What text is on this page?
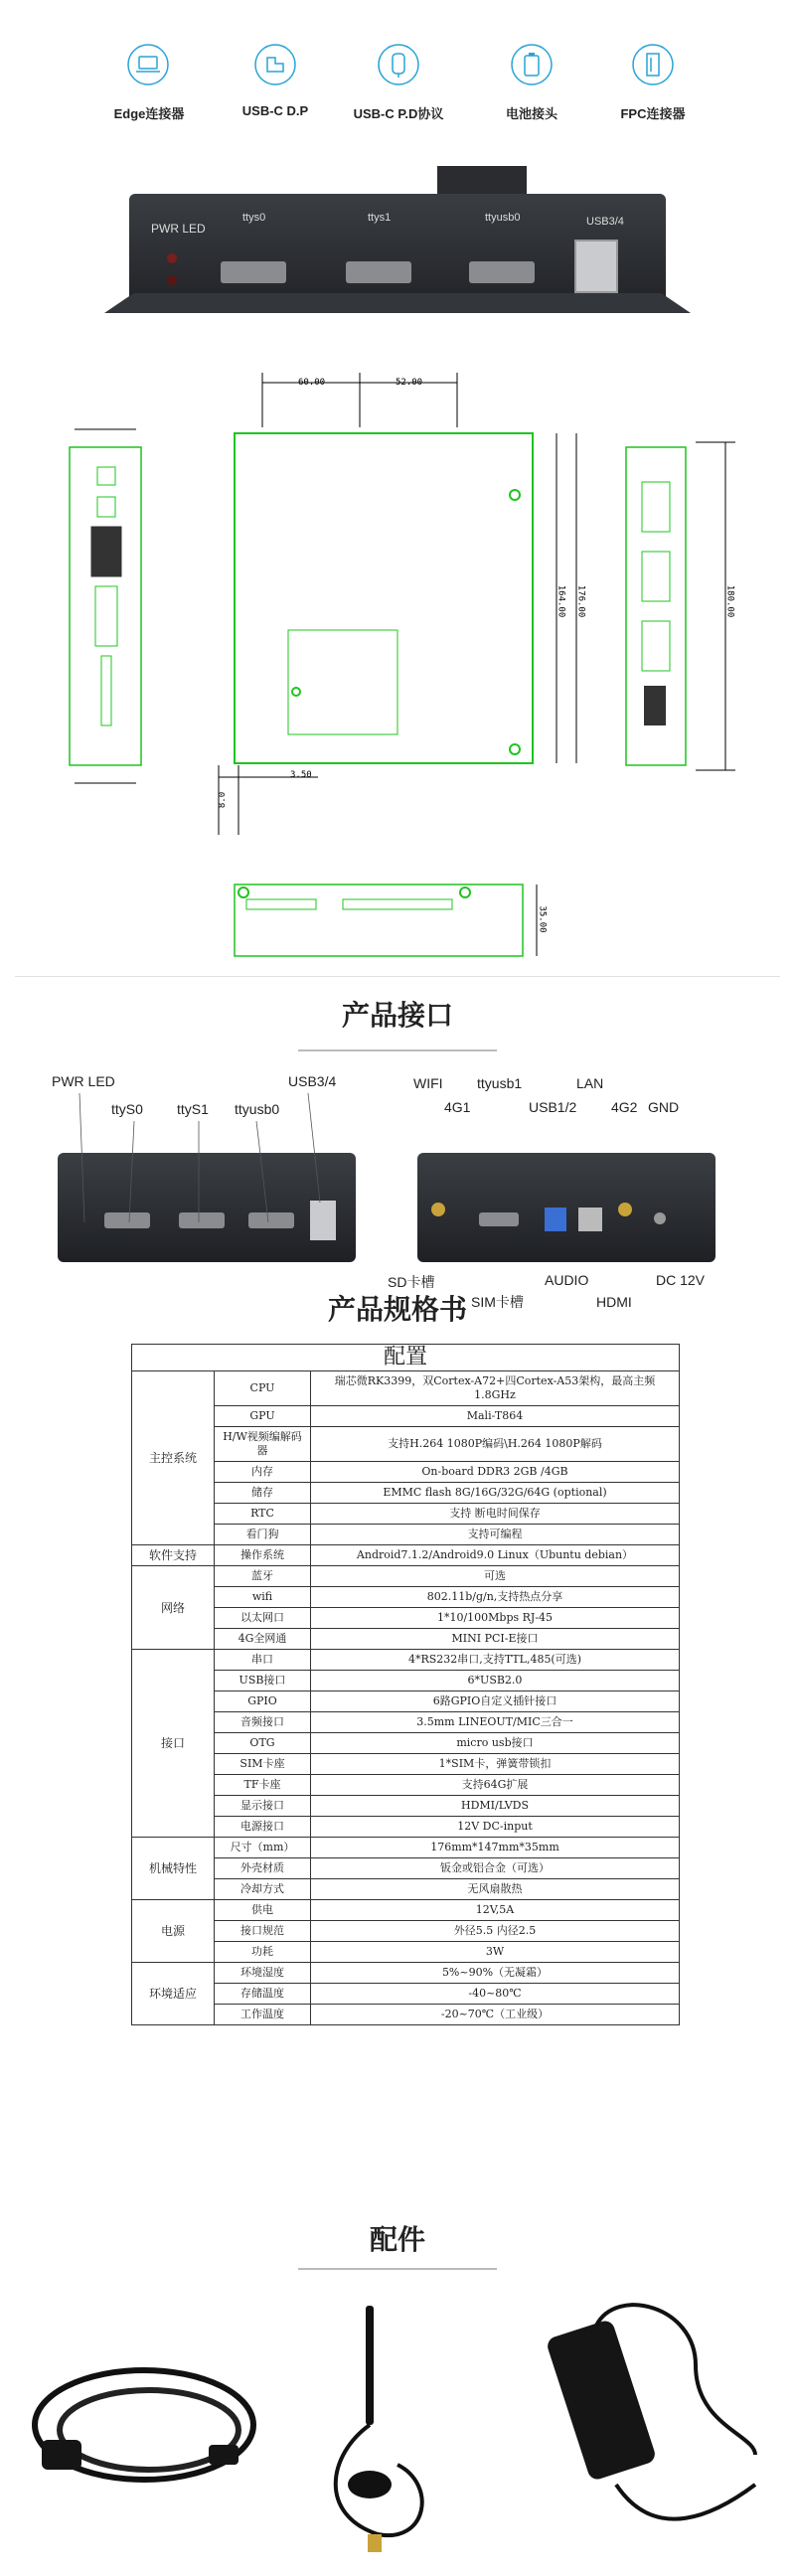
Edge连接器	USB-C D.P	USB-C P.D协议	电池接头	FPC连接器
PWR LED
ttys0	ttys1	ttyusb0	USB3/4
60.00	52.00
164.00 176.00	180.00
3.50
8.0
35.00
产品接口
PWR LED
ttyS0 ttyS1 ttyusb0
USB3/4	WIFI
4G1
ttyusb1
USB1/2
LAN
4G2 GND
SD卡槽
SIM卡槽
AUDIO
HDMI
DC 12V
产品规格书
配置		
主控系统	CPU	瑞芯微RK3399，双Cortex-A72+四Cortex-A53架构，最高主频1.8GHz
	GPU	Mali-T864
	H/W视频编解码器	支持H.264 1080P编码\H.264 1080P解码
	内存	On-board DDR3 2GB /4GB
	储存	EMMC flash 8G/16G/32G/64G (optional)
	RTC	支持 断电时间保存
	看门狗	支持可编程
软件支持	操作系统	Android7.1.2/Android9.0 Linux（Ubuntu debian）
网络	蓝牙	可选
	wifi	802.11b/g/n,支持热点分享
	以太网口	1*10/100Mbps RJ-45
	4G全网通	MINI PCI-E接口
接口	串口	4*RS232串口,支持TTL,485(可选)
	USB接口	6*USB2.0
	GPIO	6路GPIO自定义插针接口
	音频接口	3.5mm LINEOUT/MIC三合一
	OTG	micro usb接口
	SIM卡座	1*SIM卡，弹簧带锁扣
	TF卡座	支持64G扩展
	显示接口	HDMI/LVDS
	电源接口	12V DC-input
机械特性	尺寸（mm）	176mm*147mm*35mm
	外壳材质	钣金或铝合金（可选）
	冷却方式	无风扇散热
电源	供电	12V,5A
	接口规范	外径5.5 内径2.5
	功耗	3W
环境适应	环境湿度	5%~90%（无凝霜）
	存储温度	-40~80℃
	工作温度	-20~70℃（工业级）
配件
